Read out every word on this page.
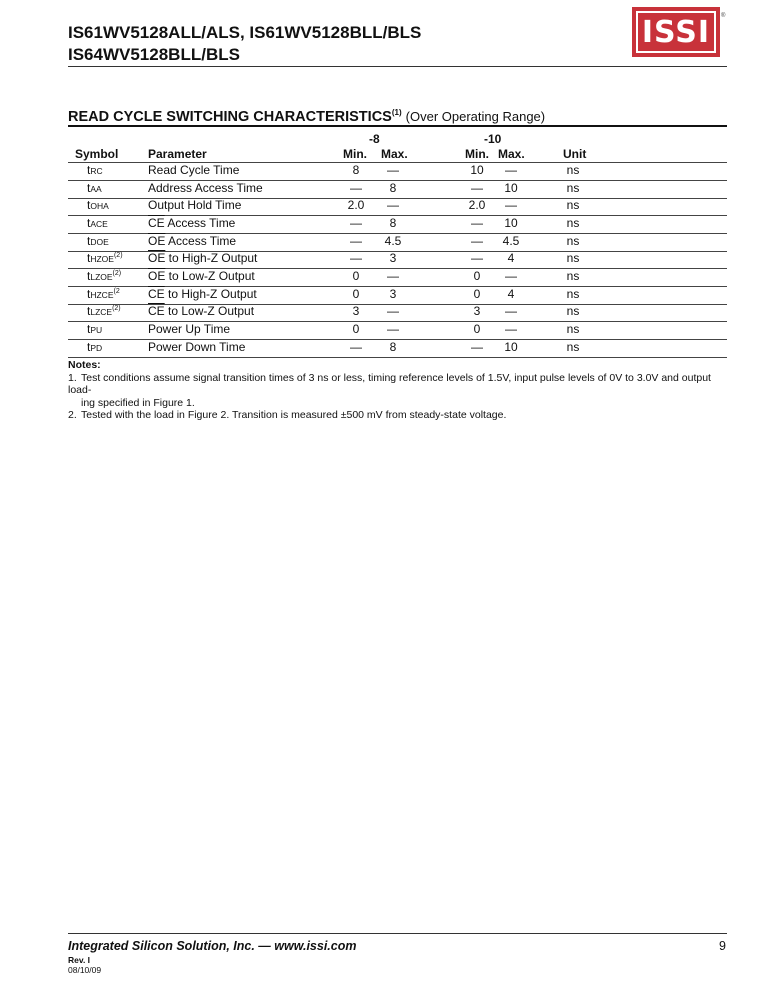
IS61WV5128ALL/ALS, IS61WV5128BLL/BLS
IS64WV5128BLL/BLS
ISSI ®
READ CYCLE SWITCHING CHARACTERISTICS$^{(1)}$ (Over Operating Range)
-8	-10
Symbol Parameter	Min. Max.	Min. Max.	Unit
tRC	Read Cycle Time	8	—	10	—	ns
tAA	Address Access Time	—	8	—	10	ns
tOHA	Output Hold Time	2.0	—	2.0	—	ns
tACE	$\overline{CE}$ Access Time	—	8	—	10	ns
tDOE	$\overline{OE}$ Access Time	—	4.5	—	4.5	ns
tHZOE$^{(2)}$ $\overline{OE}$ to High-Z Output	—	3	—	4	ns
tLZOE$^{(2)}$ $\overline{OE}$ to Low-Z Output	0	—	0	—	ns
tHZCE$^{(2}$ $\overline{CE}$ to High-Z Output	0	3	0	4	ns
tLZCE$^{(2)}$ $\overline{CE}$ to Low-Z Output	3	—	3	—	ns
tPU	Power Up Time	0	—	0	—	ns
tPD	Power Down Time	—	8	—	10	ns
Notes:
1. Test conditions assume signal transition times of 3 ns or less, timing reference levels of 1.5V, input pulse levels of 0V to 3.0V and output load-
ing specified in Figure 1.
2. Tested with the load in Figure 2. Transition is measured ±500 mV from steady-state voltage.
Integrated Silicon Solution, Inc. — www.issi.com	9
Rev. I
08/10/09
